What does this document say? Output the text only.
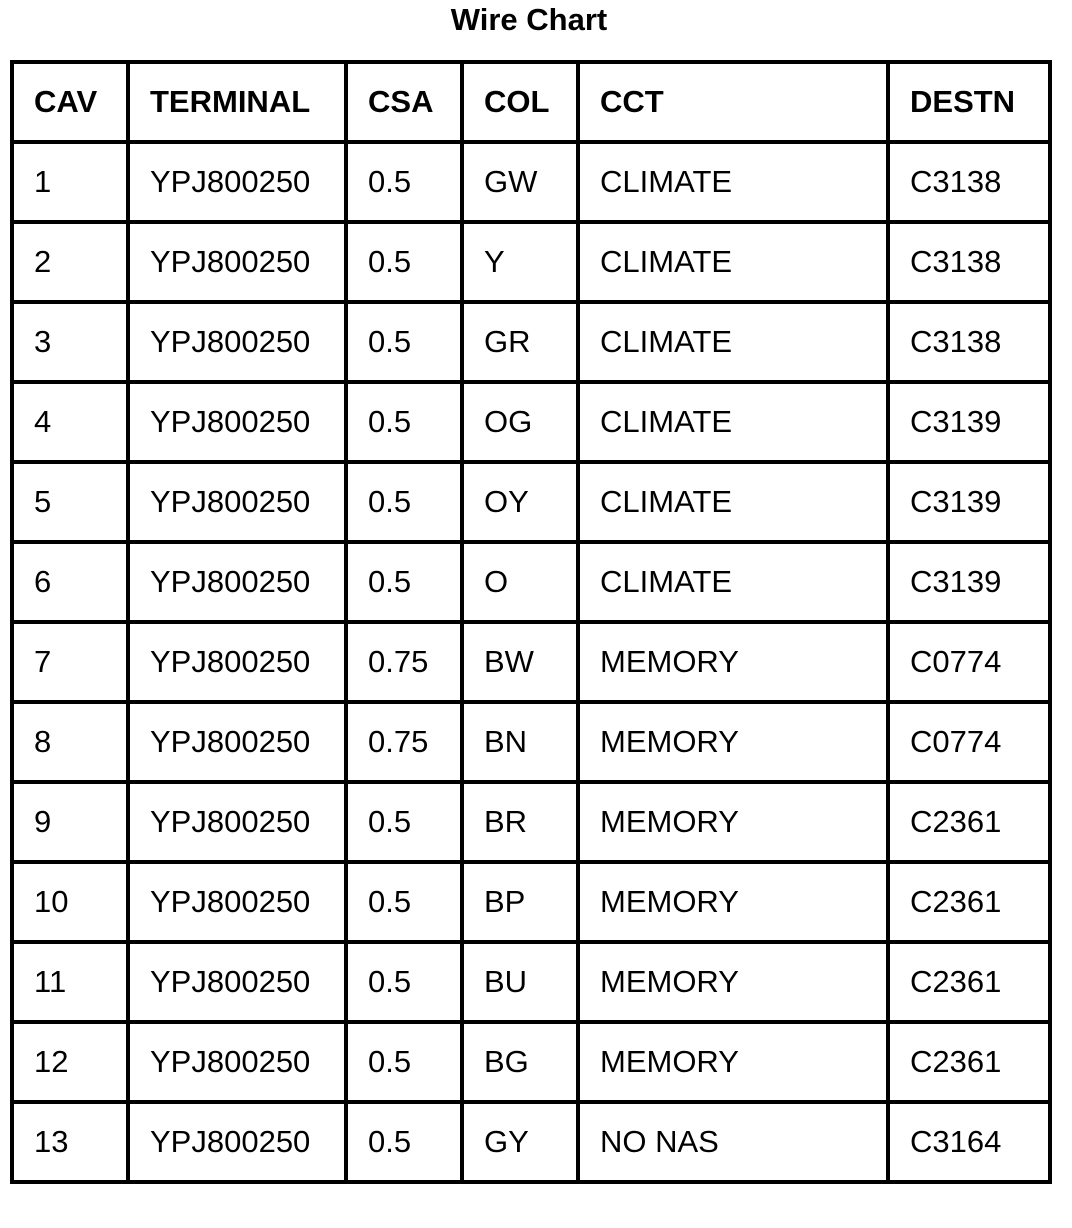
Wire Chart
CAV	TERMINAL	CSA	COL	CCT	DESTN
1	YPJ800250	0.5	GW	CLIMATE	C3138
2	YPJ800250	0.5	Y	CLIMATE	C3138
3	YPJ800250	0.5	GR	CLIMATE	C3138
4	YPJ800250	0.5	OG	CLIMATE	C3139
5	YPJ800250	0.5	OY	CLIMATE	C3139
6	YPJ800250	0.5	O	CLIMATE	C3139
7	YPJ800250	0.75	BW	MEMORY	C0774
8	YPJ800250	0.75	BN	MEMORY	C0774
9	YPJ800250	0.5	BR	MEMORY	C2361
10	YPJ800250	0.5	BP	MEMORY	C2361
11	YPJ800250	0.5	BU	MEMORY	C2361
12	YPJ800250	0.5	BG	MEMORY	C2361
13	YPJ800250	0.5	GY	NO NAS	C3164
